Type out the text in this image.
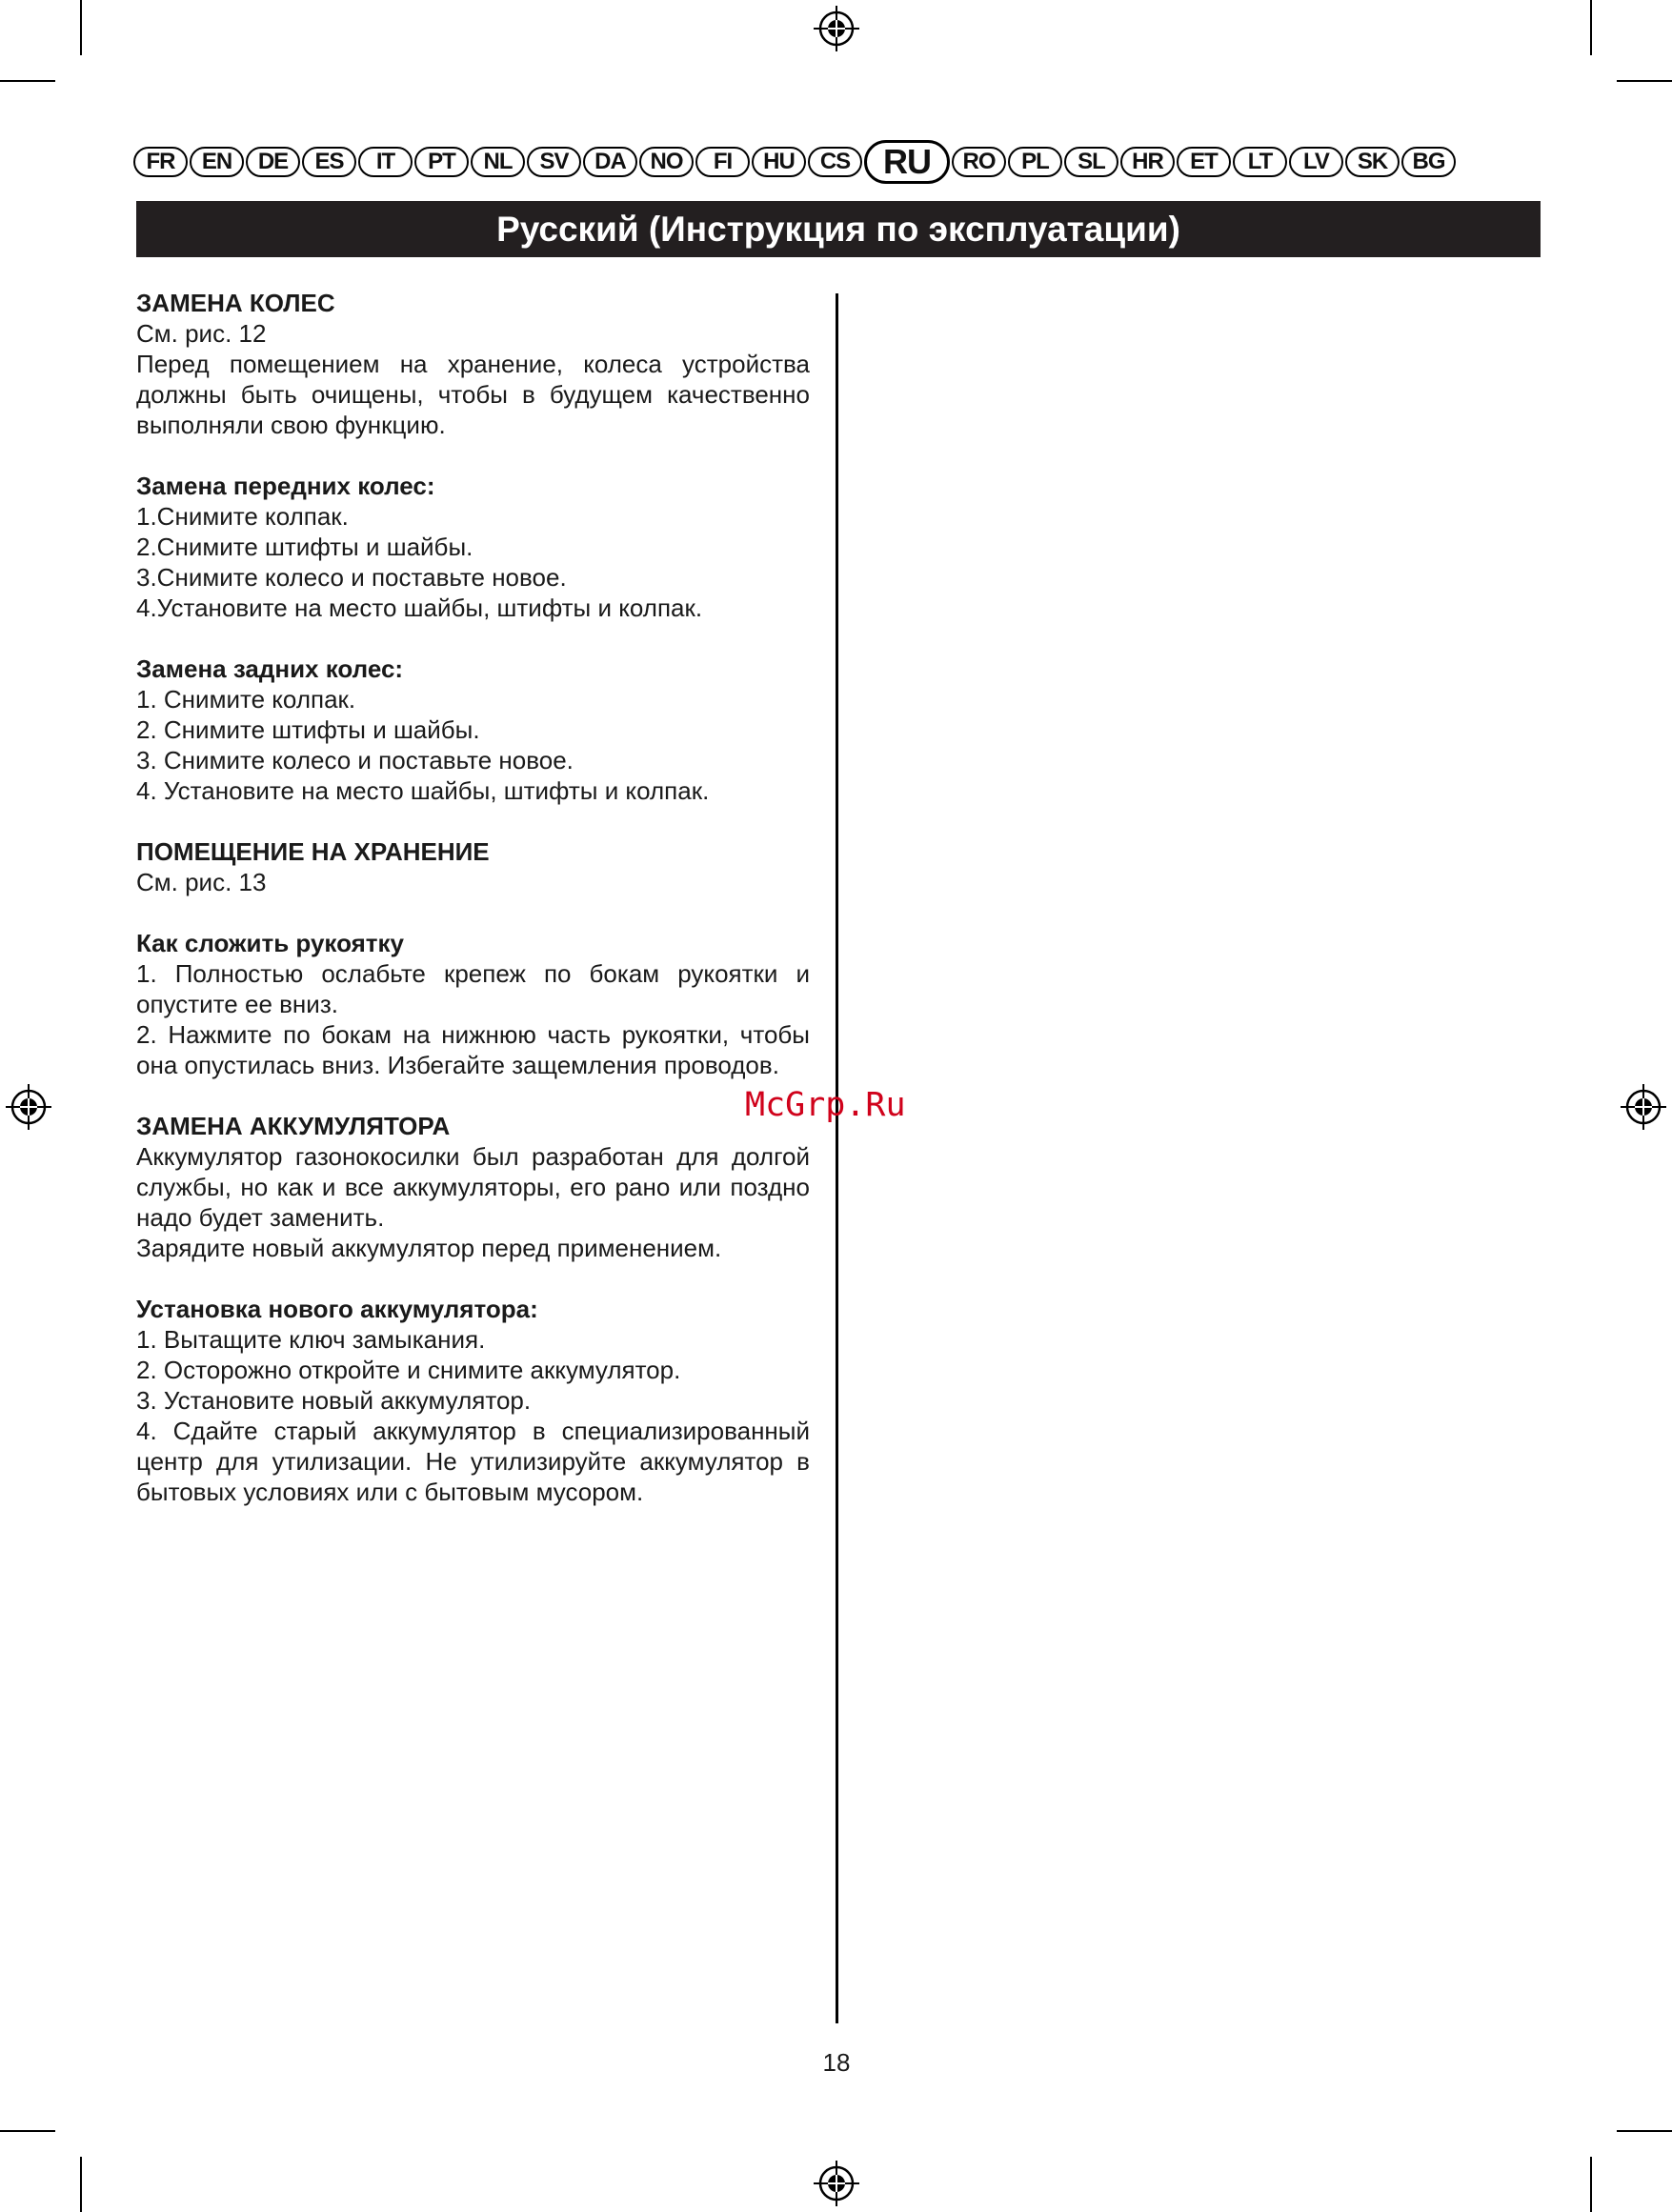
FR	EN	DE	ES	IT	PT	NL	SV	DA	NO	FI	HU	CS RU	RO	PL	SL	HR	ET	LT	LV	SK	BG
Русский (Инструкция по эксплуатации)

ЗАМЕНА КОЛЕС

См. рис. 12

Перед помещением на хранение, колеса устройства должны быть очищены, чтобы в будущем качественно выполняли свою функцию.

Замена передних колес:

1.Снимите колпак.

2.Снимите штифты и шайбы.

3.Снимите колесо и поставьте новое.

4.Установите на место шайбы, штифты и колпак.

Замена задних колес:

1. Снимите колпак.

2. Снимите штифты и шайбы.

3. Снимите колесо и поставьте новое.

4. Установите на место шайбы, штифты и колпак.

ПОМЕЩЕНИЕ НА ХРАНЕНИЕ

См. рис. 13

Как сложить рукоятку

1. Полностью ослабьте крепеж по бокам рукоятки и опустите ее вниз.

2. Нажмите по бокам на нижнюю часть рукоятки, чтобы она опустилась вниз. Избегайте защемления проводов.

ЗАМЕНА АККУМУЛЯТОРА

Аккумулятор газонокосилки был разработан для долгой службы, но как и все аккумуляторы, его рано или поздно надо будет заменить.

Зарядите новый аккумулятор перед применением.

Установка нового аккумулятора:

1. Вытащите ключ замыкания.

2. Осторожно откройте и снимите аккумулятор.

3. Установите новый аккумулятор.

4. Сдайте старый аккумулятор в специализированный центр для утилизации. Не утилизируйте аккумулятор в бытовых условиях или с бытовым мусором.

McGrp.Ru
18
